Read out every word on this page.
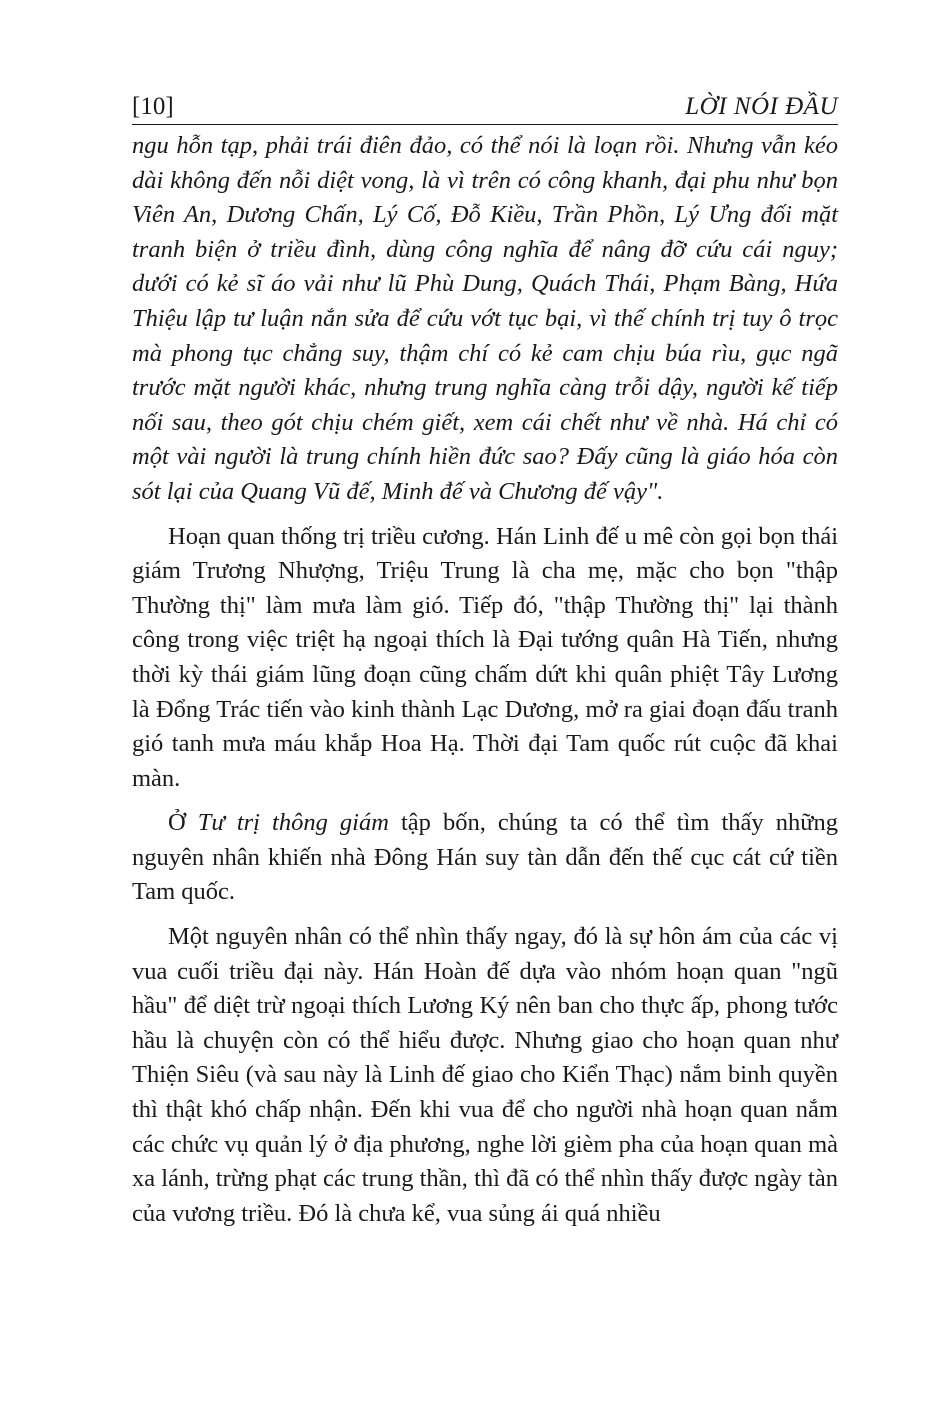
[10]	LỜI NÓI ĐẦU

ngu hỗn tạp, phải trái điên đảo, có thể nói là loạn rồi. Nhưng vẫn kéo dài không đến nỗi diệt vong, là vì trên có công khanh, đại phu như bọn Viên An, Dương Chấn, Lý Cố, Đỗ Kiều, Trần Phồn, Lý Ưng đối mặt tranh biện ở triều đình, dùng công nghĩa để nâng đỡ cứu cái nguy; dưới có kẻ sĩ áo vải như lũ Phù Dung, Quách Thái, Phạm Bàng, Hứa Thiệu lập tư luận nắn sửa để cứu vớt tục bại, vì thế chính trị tuy ô trọc mà phong tục chẳng suy, thậm chí có kẻ cam chịu búa rìu, gục ngã trước mặt người khác, nhưng trung nghĩa càng trỗi dậy, người kế tiếp nối sau, theo gót chịu chém giết, xem cái chết như về nhà. Há chỉ có một vài người là trung chính hiền đức sao? Đấy cũng là giáo hóa còn sót lại của Quang Vũ đế, Minh đế và Chương đế vậy".

Hoạn quan thống trị triều cương. Hán Linh đế u mê còn gọi bọn thái giám Trương Nhượng, Triệu Trung là cha mẹ, mặc cho bọn "thập Thường thị" làm mưa làm gió. Tiếp đó, "thập Thường thị" lại thành công trong việc triệt hạ ngoại thích là Đại tướng quân Hà Tiến, nhưng thời kỳ thái giám lũng đoạn cũng chấm dứt khi quân phiệt Tây Lương là Đổng Trác tiến vào kinh thành Lạc Dương, mở ra giai đoạn đấu tranh gió tanh mưa máu khắp Hoa Hạ. Thời đại Tam quốc rút cuộc đã khai màn.

Ở Tư trị thông giám tập bốn, chúng ta có thể tìm thấy những nguyên nhân khiến nhà Đông Hán suy tàn dẫn đến thế cục cát cứ tiền Tam quốc.

Một nguyên nhân có thể nhìn thấy ngay, đó là sự hôn ám của các vị vua cuối triều đại này. Hán Hoàn đế dựa vào nhóm hoạn quan "ngũ hầu" để diệt trừ ngoại thích Lương Ký nên ban cho thực ấp, phong tước hầu là chuyện còn có thể hiểu được. Nhưng giao cho hoạn quan như Thiện Siêu (và sau này là Linh đế giao cho Kiển Thạc) nắm binh quyền thì thật khó chấp nhận. Đến khi vua để cho người nhà hoạn quan nắm các chức vụ quản lý ở địa phương, nghe lời gièm pha của hoạn quan mà xa lánh, trừng phạt các trung thần, thì đã có thể nhìn thấy được ngày tàn của vương triều. Đó là chưa kể, vua sủng ái quá nhiều
